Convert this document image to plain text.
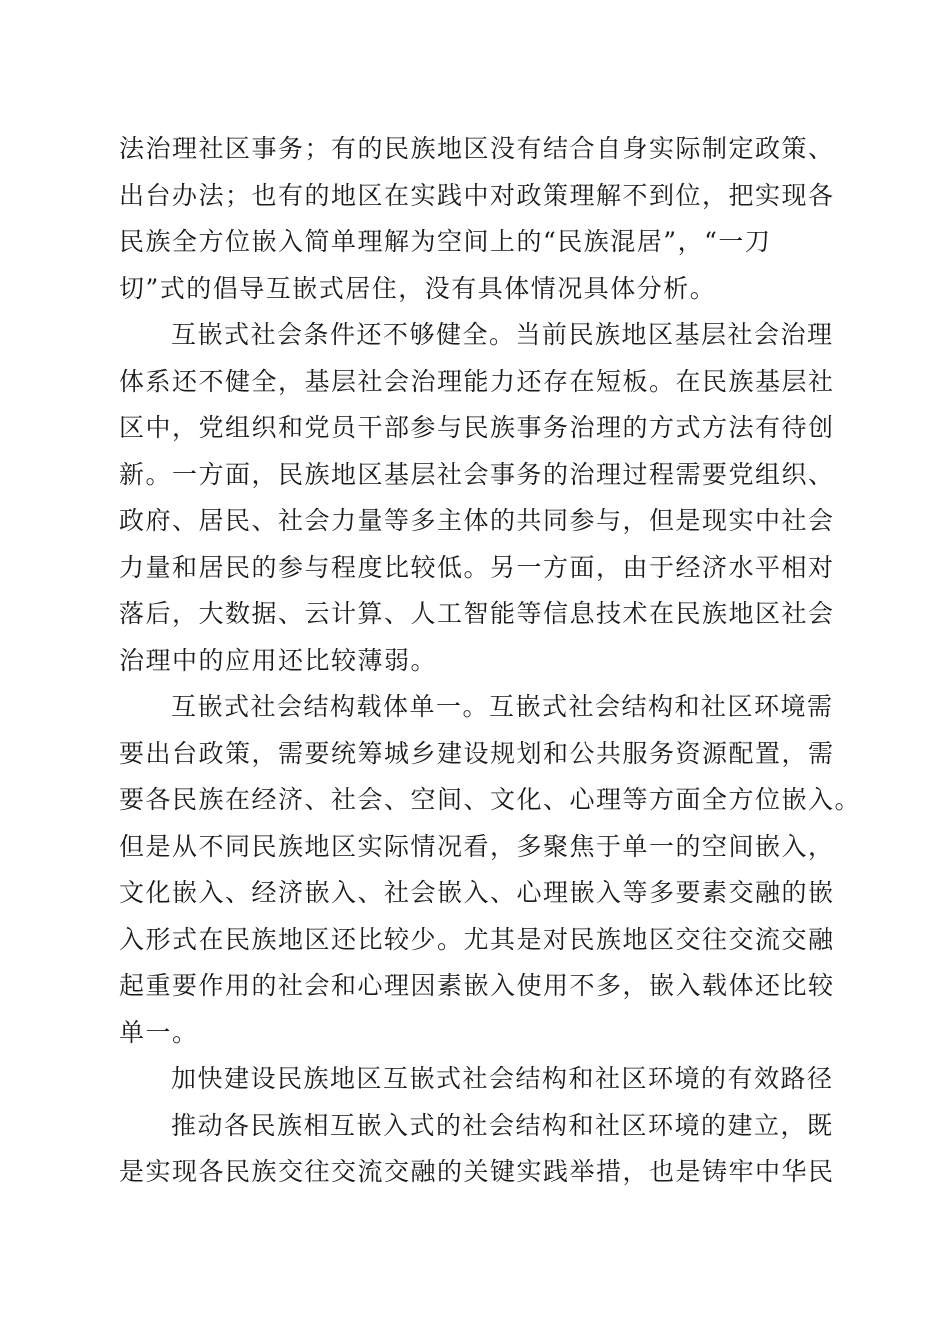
法治理社区事务；有的民族地区没有结合自身实际制定政策、
出台办法；也有的地区在实践中对政策理解不到位，把实现各
民族全方位嵌入简单理解为空间上的“民族混居”，“一刀
切”式的倡导互嵌式居住，没有具体情况具体分析。
互嵌式社会条件还不够健全。当前民族地区基层社会治理
体系还不健全，基层社会治理能力还存在短板。在民族基层社
区中，党组织和党员干部参与民族事务治理的方式方法有待创
新。一方面，民族地区基层社会事务的治理过程需要党组织、
政府、居民、社会力量等多主体的共同参与，但是现实中社会
力量和居民的参与程度比较低。另一方面，由于经济水平相对
落后，大数据、云计算、人工智能等信息技术在民族地区社会
治理中的应用还比较薄弱。
互嵌式社会结构载体单一。互嵌式社会结构和社区环境需
要出台政策，需要统筹城乡建设规划和公共服务资源配置，需
要各民族在经济、社会、空间、文化、心理等方面全方位嵌入。
但是从不同民族地区实际情况看，多聚焦于单一的空间嵌入，
文化嵌入、经济嵌入、社会嵌入、心理嵌入等多要素交融的嵌
入形式在民族地区还比较少。尤其是对民族地区交往交流交融
起重要作用的社会和心理因素嵌入使用不多，嵌入载体还比较
单一。
加快建设民族地区互嵌式社会结构和社区环境的有效路径
推动各民族相互嵌入式的社会结构和社区环境的建立，既
是实现各民族交往交流交融的关键实践举措，也是铸牢中华民
